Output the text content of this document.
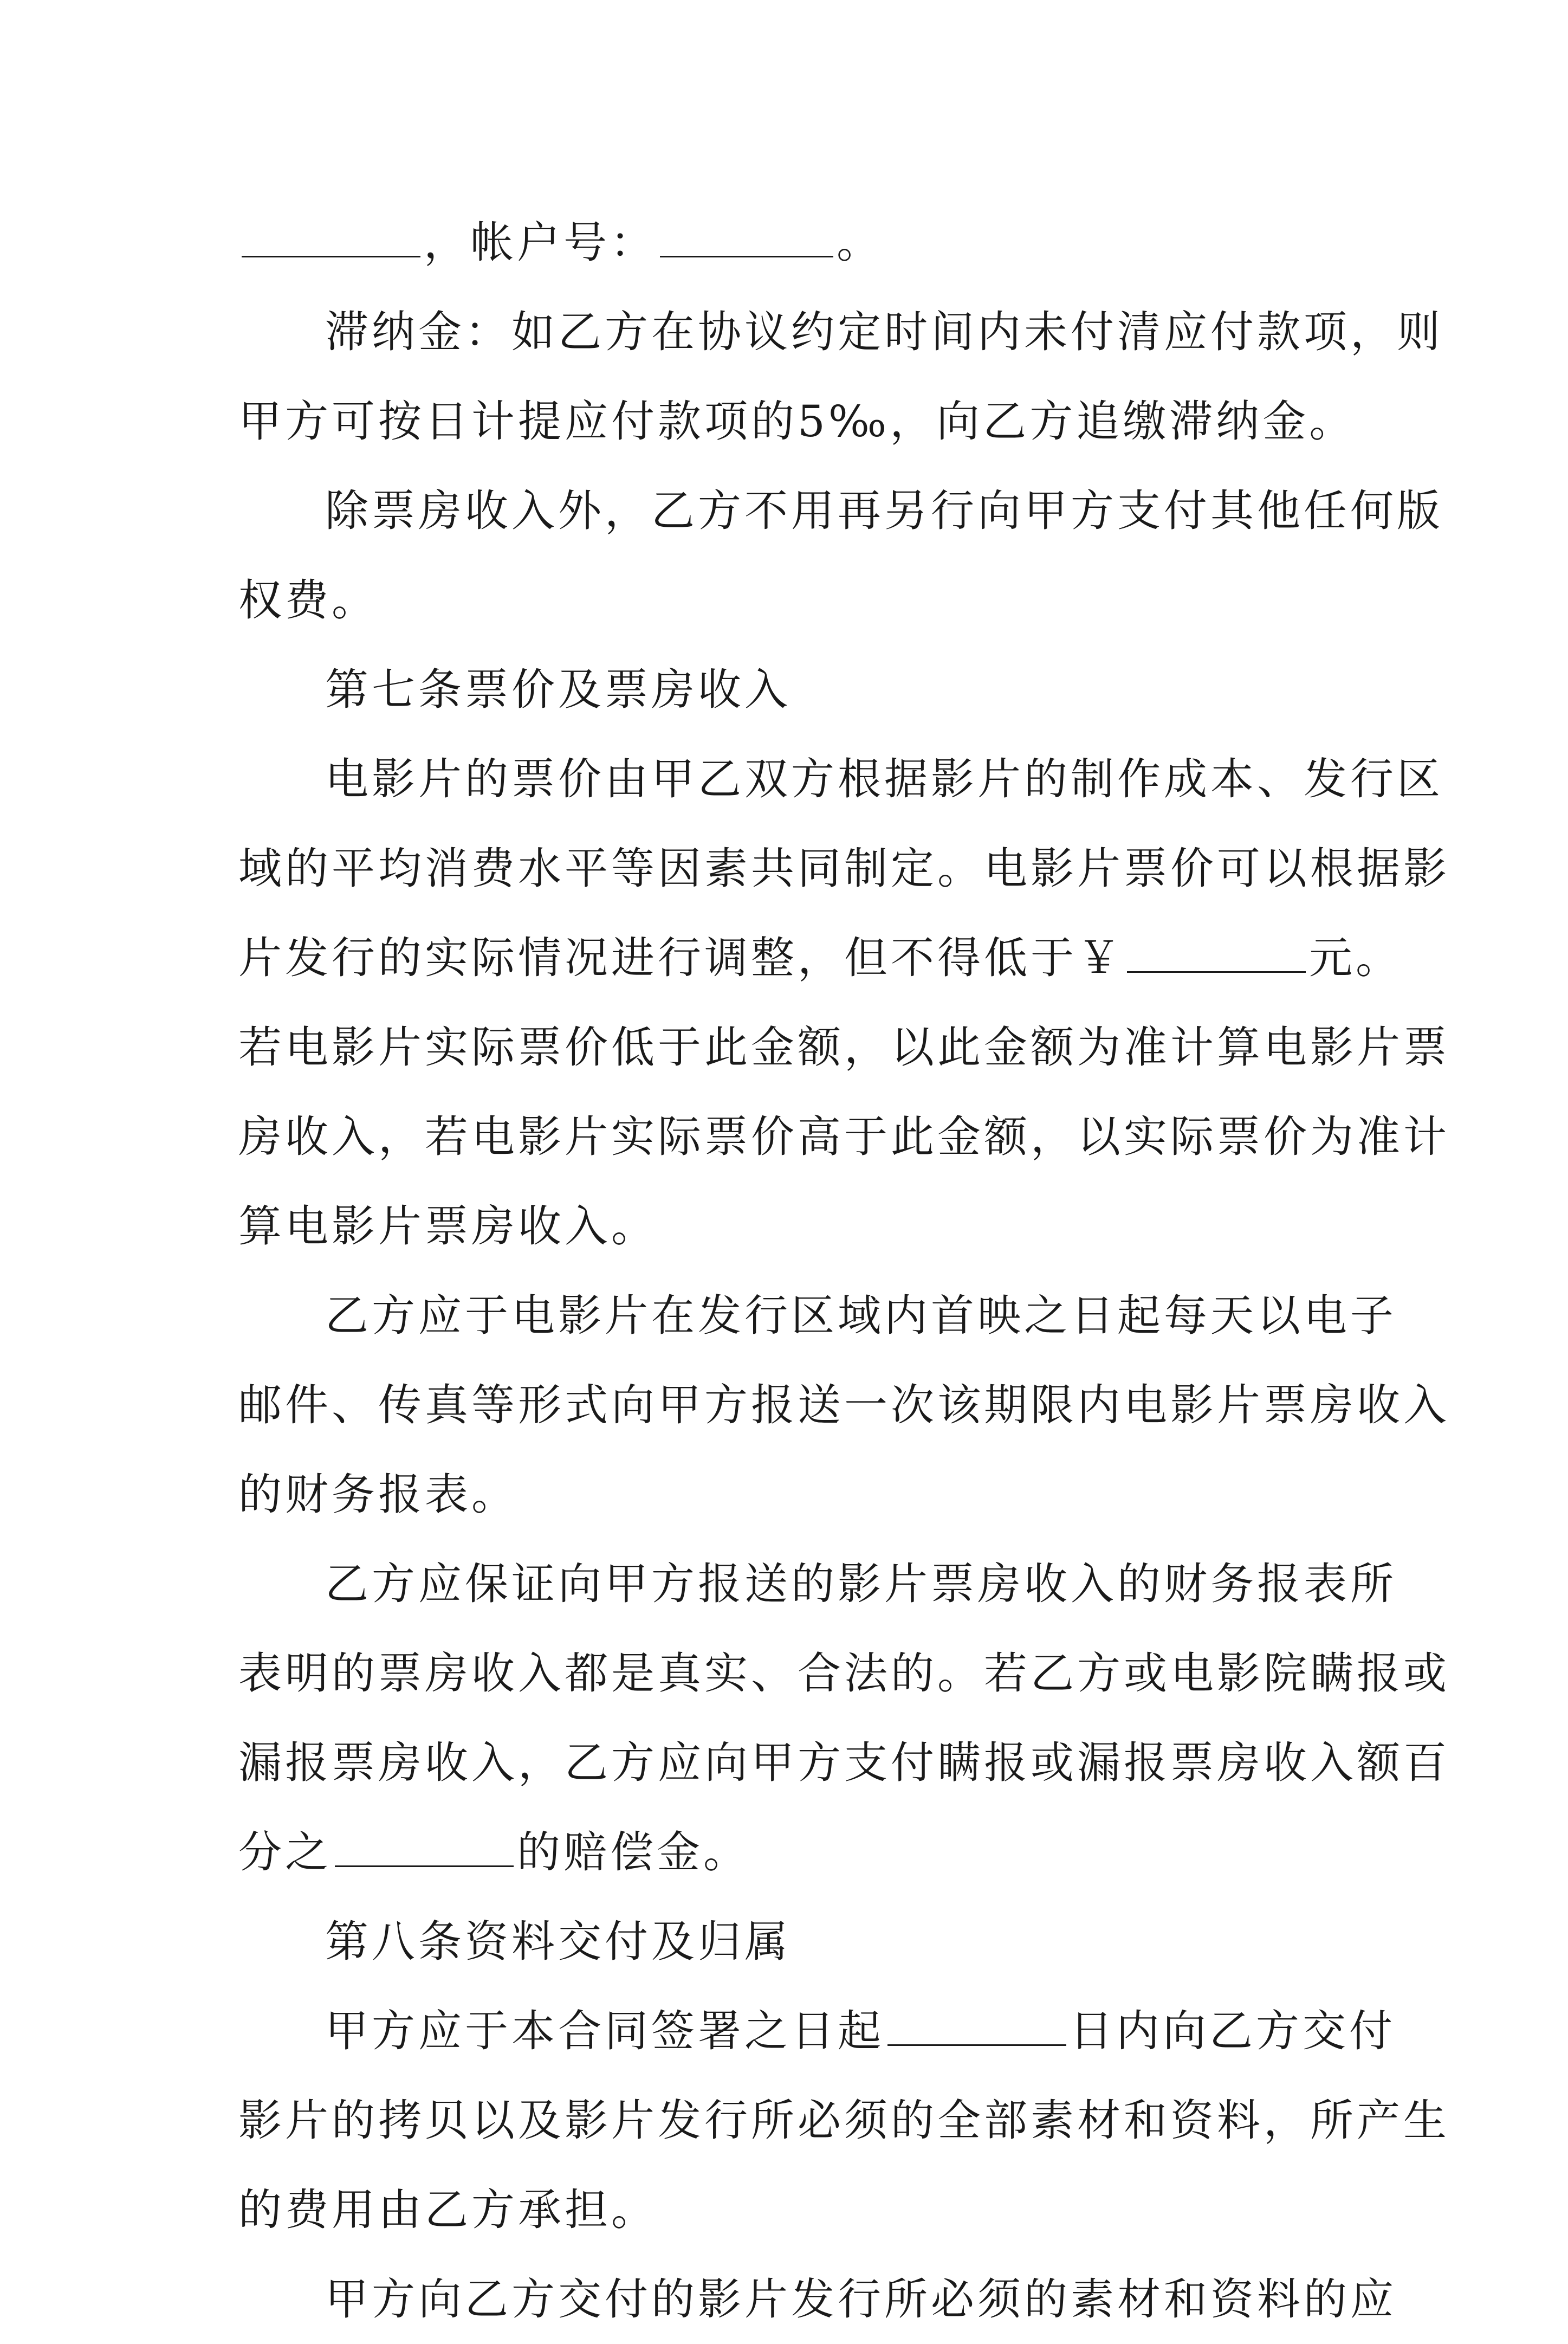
，帐户号：	。
滞纳金：如乙方在协议约定时间内未付清应付款项，则
甲方可按日计提应付款项的5‰，向乙方追缴滞纳金。
除票房收入外，乙方不用再另行向甲方支付其他任何版
权费。
第七条票价及票房收入
电影片的票价由甲乙双方根据影片的制作成本、发行区
域的平均消费水平等因素共同制定。电影片票价可以根据影
片发行的实际情况进行调整，但不得低于￥	元。
若电影片实际票价低于此金额，以此金额为准计算电影片票
房收入，若电影片实际票价高于此金额，以实际票价为准计
算电影片票房收入。
乙方应于电影片在发行区域内首映之日起每天以电子
邮件、传真等形式向甲方报送一次该期限内电影片票房收入
的财务报表。
乙方应保证向甲方报送的影片票房收入的财务报表所
表明的票房收入都是真实、合法的。若乙方或电影院瞒报或
漏报票房收入，乙方应向甲方支付瞒报或漏报票房收入额百
分之	的赔偿金。
第八条资料交付及归属
甲方应于本合同签署之日起	日内向乙方交付
影片的拷贝以及影片发行所必须的全部素材和资料，所产生
的费用由乙方承担。
甲方向乙方交付的影片发行所必须的素材和资料的应
